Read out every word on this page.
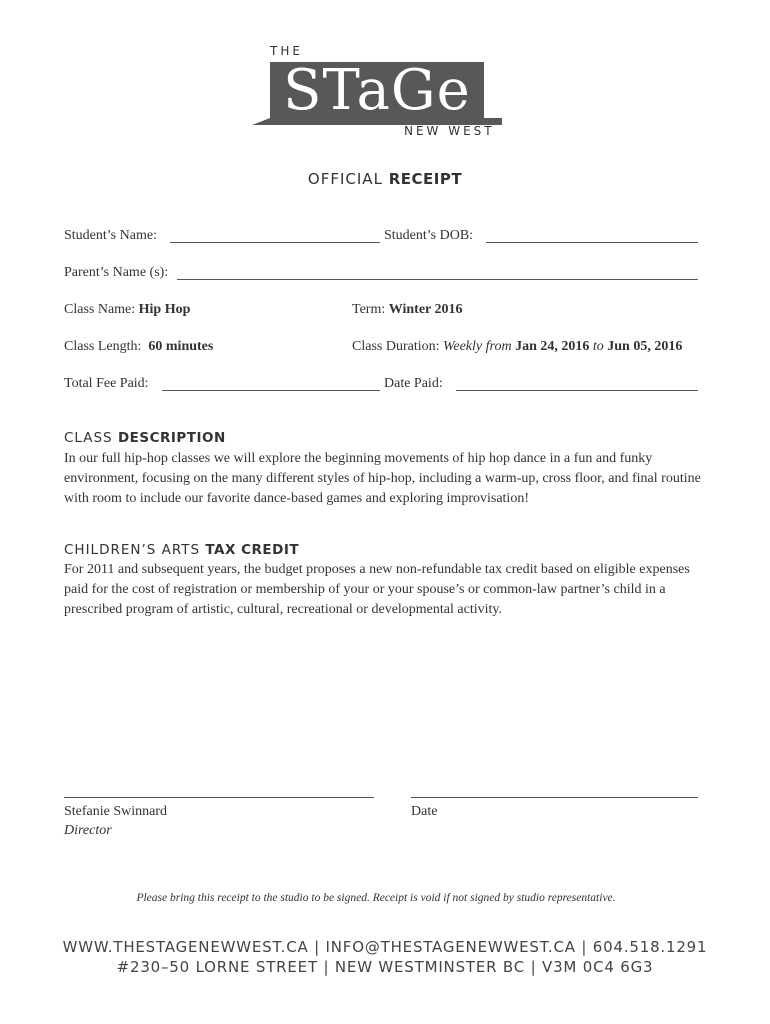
THE
STaGe
NEW WEST
OFFICIAL RECEIPT
Student’s Name:	Student’s DOB:
Parent’s Name (s):
Class Name: Hip Hop	Term: Winter 2016
Class Length: 60 minutes	Class Duration: Weekly from Jan 24, 2016 to Jun 05, 2016
Total Fee Paid:	Date Paid:
CLASS DESCRIPTION
In our full hip-hop classes we will explore the beginning movements of hip hop dance in a fun and funky environment, focusing on the many different styles of hip-hop, including a warm-up, cross floor, and final routine with room to include our favorite dance-based games and exploring improvisation!
CHILDREN’S ARTS TAX CREDIT
For 2011 and subsequent years, the budget proposes a new non-refundable tax credit based on eligible expenses paid for the cost of registration or membership of your or your spouse’s or common-law partner’s child in a prescribed program of artistic, cultural, recreational or developmental activity.
Stefanie Swinnard
Director
Date
Please bring this receipt to the studio to be signed. Receipt is void if not signed by studio representative.
WWW.THESTAGENEWWEST.CA | INFO@THESTAGENEWWEST.CA | 604.518.1291
#230–50 LORNE STREET | NEW WESTMINSTER BC | V3M 0C4 6G3
